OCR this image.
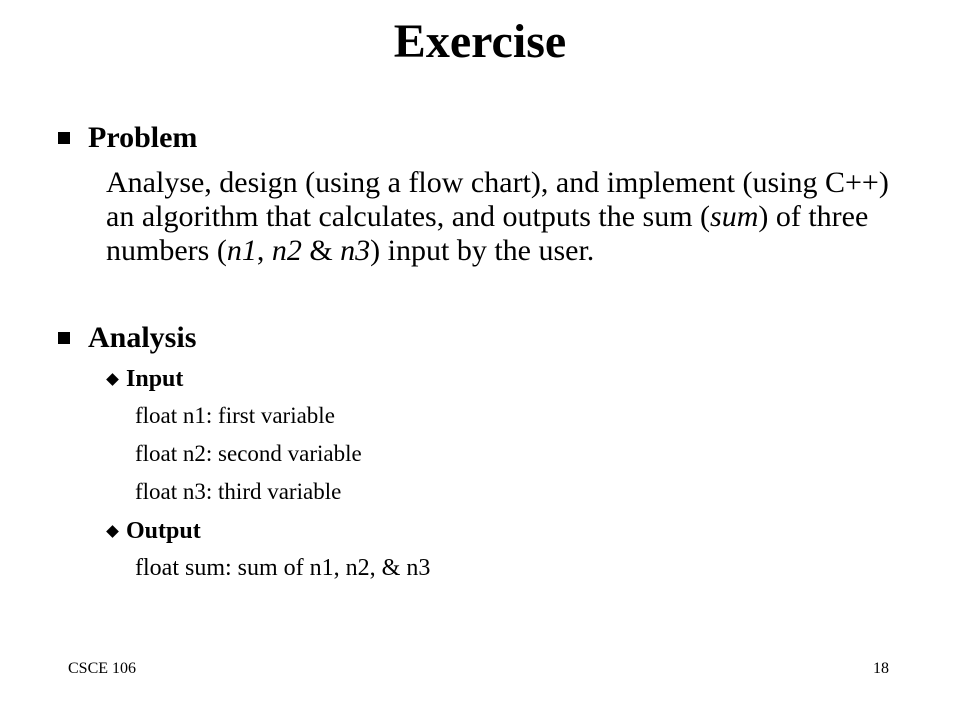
Exercise
Problem

Analyse, design (using a flow chart), and implement (using C++) an algorithm that calculates, and outputs the sum (sum) of three numbers (n1, n2 & n3) input by the user.

Analysis
Input
float n1: first variable
float n2: second variable
float n3: third variable
Output
float sum: sum of n1, n2, & n3
CSCE 106	18
